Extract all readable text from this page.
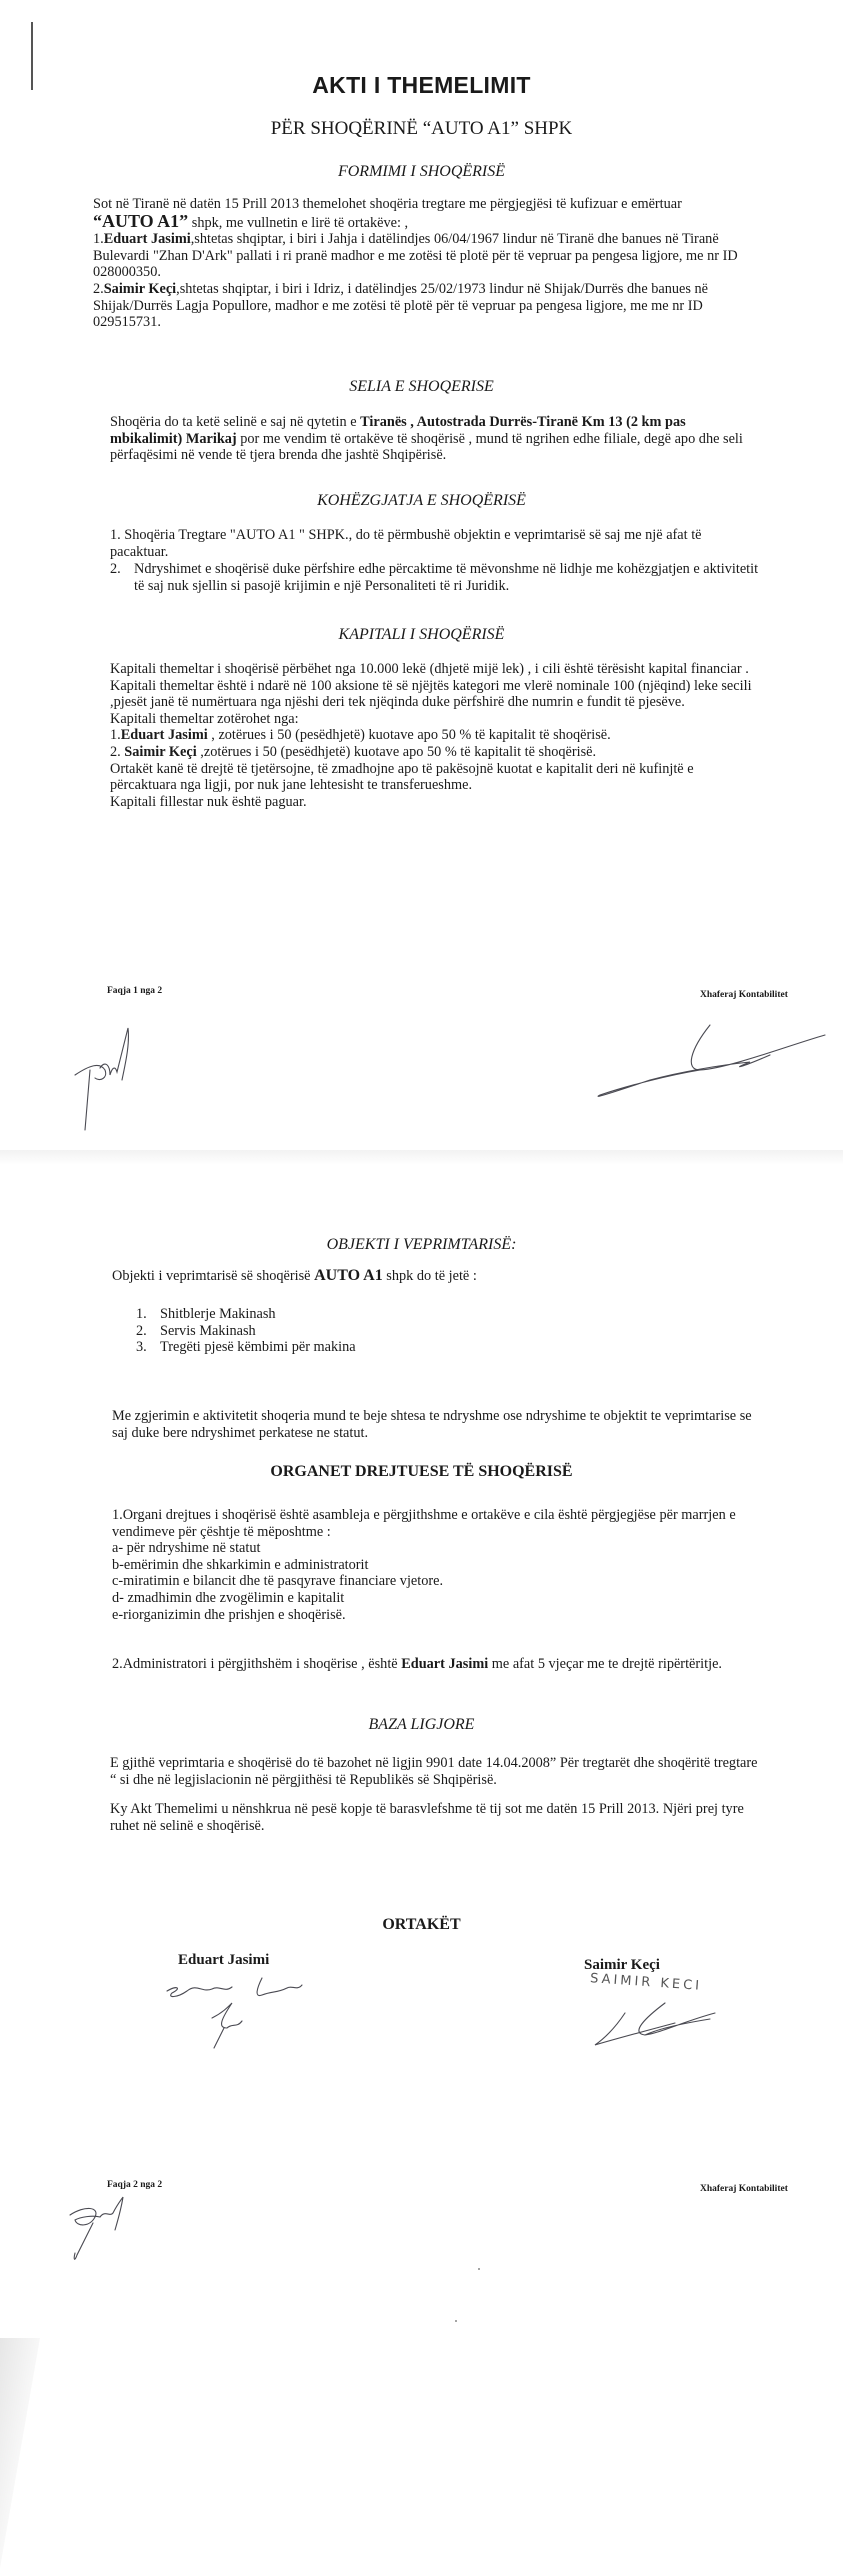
AKTI I THEMELIMIT
PËR SHOQËRINË “AUTO A1” SHPK
FORMIMI I SHOQËRISË
Sot në Tiranë në datën 15 Prill 2013 themelohet shoqëria tregtare me përgjegjësi të kufizuar e emërtuar
“AUTO A1” shpk, me vullnetin e lirë të ortakëve: ,
1.Eduart Jasimi,shtetas shqiptar, i biri i Jahja i datëlindjes 06/04/1967 lindur në Tiranë dhe banues në Tiranë Bulevardi "Zhan D'Ark" pallati i ri pranë madhor e me zotësi të plotë për të vepruar pa pengesa ligjore, me nr ID 028000350.
2.Saimir Keçi,shtetas shqiptar, i biri i Idriz, i datëlindjes 25/02/1973 lindur në Shijak/Durrës dhe banues në Shijak/Durrës Lagja Popullore, madhor e me zotësi të plotë për të vepruar pa pengesa ligjore, me me nr ID 029515731.
SELIA E SHOQERISE
Shoqëria do ta ketë selinë e saj në qytetin e Tiranës , Autostrada Durrës-Tiranë Km 13 (2 km pas mbikalimit) Marikaj por me vendim të ortakëve të shoqërisë , mund të ngrihen edhe filiale, degë apo dhe seli përfaqësimi në vende të tjera brenda dhe jashtë Shqipërisë.
KOHËZGJATJA E SHOQËRISË
1. Shoqëria Tregtare "AUTO A1 " SHPK., do të përmbushë objektin e veprimtarisë së saj me një afat të pacaktuar.
2. Ndryshimet e shoqërisë duke përfshire edhe përcaktime të mëvonshme në lidhje me kohëzgjatjen e aktivitetit të saj nuk sjellin si pasojë krijimin e një Personaliteti të ri Juridik.
KAPITALI I SHOQËRISË
Kapitali themeltar i shoqërisë përbëhet nga 10.000 lekë (dhjetë mijë lek) , i cili është tërësisht kapital financiar . Kapitali themeltar është i ndarë në 100 aksione të së njëjtës kategori me vlerë nominale 100 (njëqind) leke secili ,pjesët janë të numërtuara nga njëshi deri tek njëqinda duke përfshirë dhe numrin e fundit të pjesëve.
Kapitali themeltar zotërohet nga:
1.Eduart Jasimi , zotërues i 50 (pesëdhjetë) kuotave apo 50 % të kapitalit të shoqërisë.
2. Saimir Keçi ,zotërues i 50 (pesëdhjetë) kuotave apo 50 % të kapitalit të shoqërisë.
Ortakët kanë të drejtë të tjetërsojne, të zmadhojne apo të pakësojnë kuotat e kapitalit deri në kufinjtë e përcaktuara nga ligji, por nuk jane lehtesisht te transferueshme.
Kapitali fillestar nuk është paguar.
Faqja 1 nga 2	Xhaferaj Kontabilitet
OBJEKTI I VEPRIMTARISË:
Objekti i veprimtarisë së shoqërisë AUTO A1 shpk do të jetë :
1. Shitblerje Makinash
2. Servis Makinash
3. Tregëti pjesë këmbimi për makina
Me zgjerimin e aktivitetit shoqeria mund te beje shtesa te ndryshme ose ndryshime te objektit te veprimtarise se saj duke bere ndryshimet perkatese ne statut.
ORGANET DREJTUESE TË SHOQËRISË
1.Organi drejtues i shoqërisë është asambleja e përgjithshme e ortakëve e cila është përgjegjëse për marrjen e vendimeve për çështje të mëposhtme :
a- për ndryshime në statut
b-emërimin dhe shkarkimin e administratorit
c-miratimin e bilancit dhe të pasqyrave financiare vjetore.
d- zmadhimin dhe zvogëlimin e kapitalit
e-riorganizimin dhe prishjen e shoqërisë.
2.Administratori i përgjithshëm i shoqërise , është Eduart Jasimi me afat 5 vjeçar me te drejtë ripërtëritje.
BAZA LIGJORE
E gjithë veprimtaria e shoqërisë do të bazohet në ligjin 9901 date 14.04.2008” Për tregtarët dhe shoqëritë tregtare “ si dhe në legjislacionin në përgjithësi të Republikës së Shqipërisë.
Ky Akt Themelimi u nënshkrua në pesë kopje të barasvlefshme të tij sot me datën 15 Prill 2013. Njëri prej tyre ruhet në selinë e shoqërisë.
ORTAKËT
Eduart Jasimi	Saimir Keçi
SAIMIR KECI
Faqja 2 nga 2	Xhaferaj Kontabilitet
